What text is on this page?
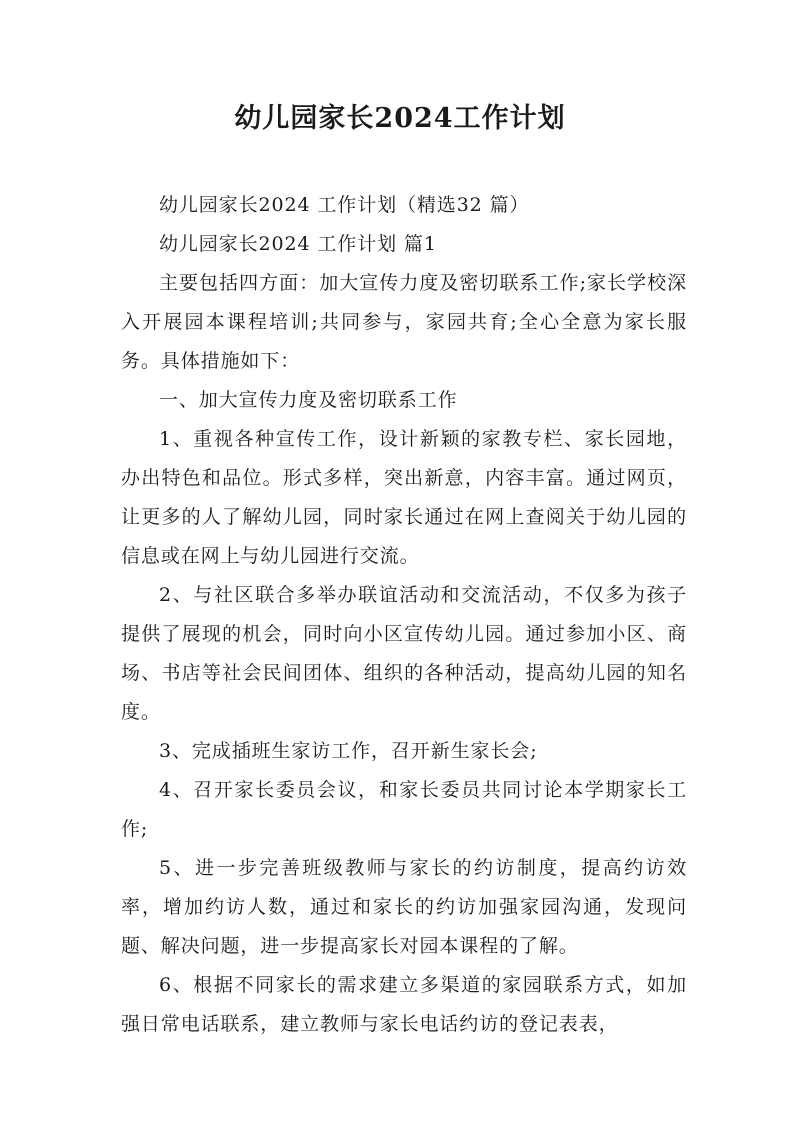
幼儿园家长2024工作计划

幼儿园家长2024 工作计划（精选32 篇）

幼儿园家长2024 工作计划 篇1

主要包括四方面：加大宣传力度及密切联系工作;家长学校深入开展园本课程培训;共同参与，家园共育;全心全意为家长服务。具体措施如下：

一、加大宣传力度及密切联系工作

1、重视各种宣传工作，设计新颖的家教专栏、家长园地，办出特色和品位。形式多样，突出新意，内容丰富。通过网页，让更多的人了解幼儿园，同时家长通过在网上查阅关于幼儿园的信息或在网上与幼儿园进行交流。

2、与社区联合多举办联谊活动和交流活动，不仅多为孩子提供了展现的机会，同时向小区宣传幼儿园。通过参加小区、商场、书店等社会民间团体、组织的各种活动，提高幼儿园的知名度。

3、完成插班生家访工作，召开新生家长会;

4、召开家长委员会议，和家长委员共同讨论本学期家长工作;

5、进一步完善班级教师与家长的约访制度，提高约访效率，增加约访人数，通过和家长的约访加强家园沟通，发现问题、解决问题，进一步提高家长对园本课程的了解。

6、根据不同家长的需求建立多渠道的家园联系方式，如加强日常电话联系，建立教师与家长电话约访的登记表表，
